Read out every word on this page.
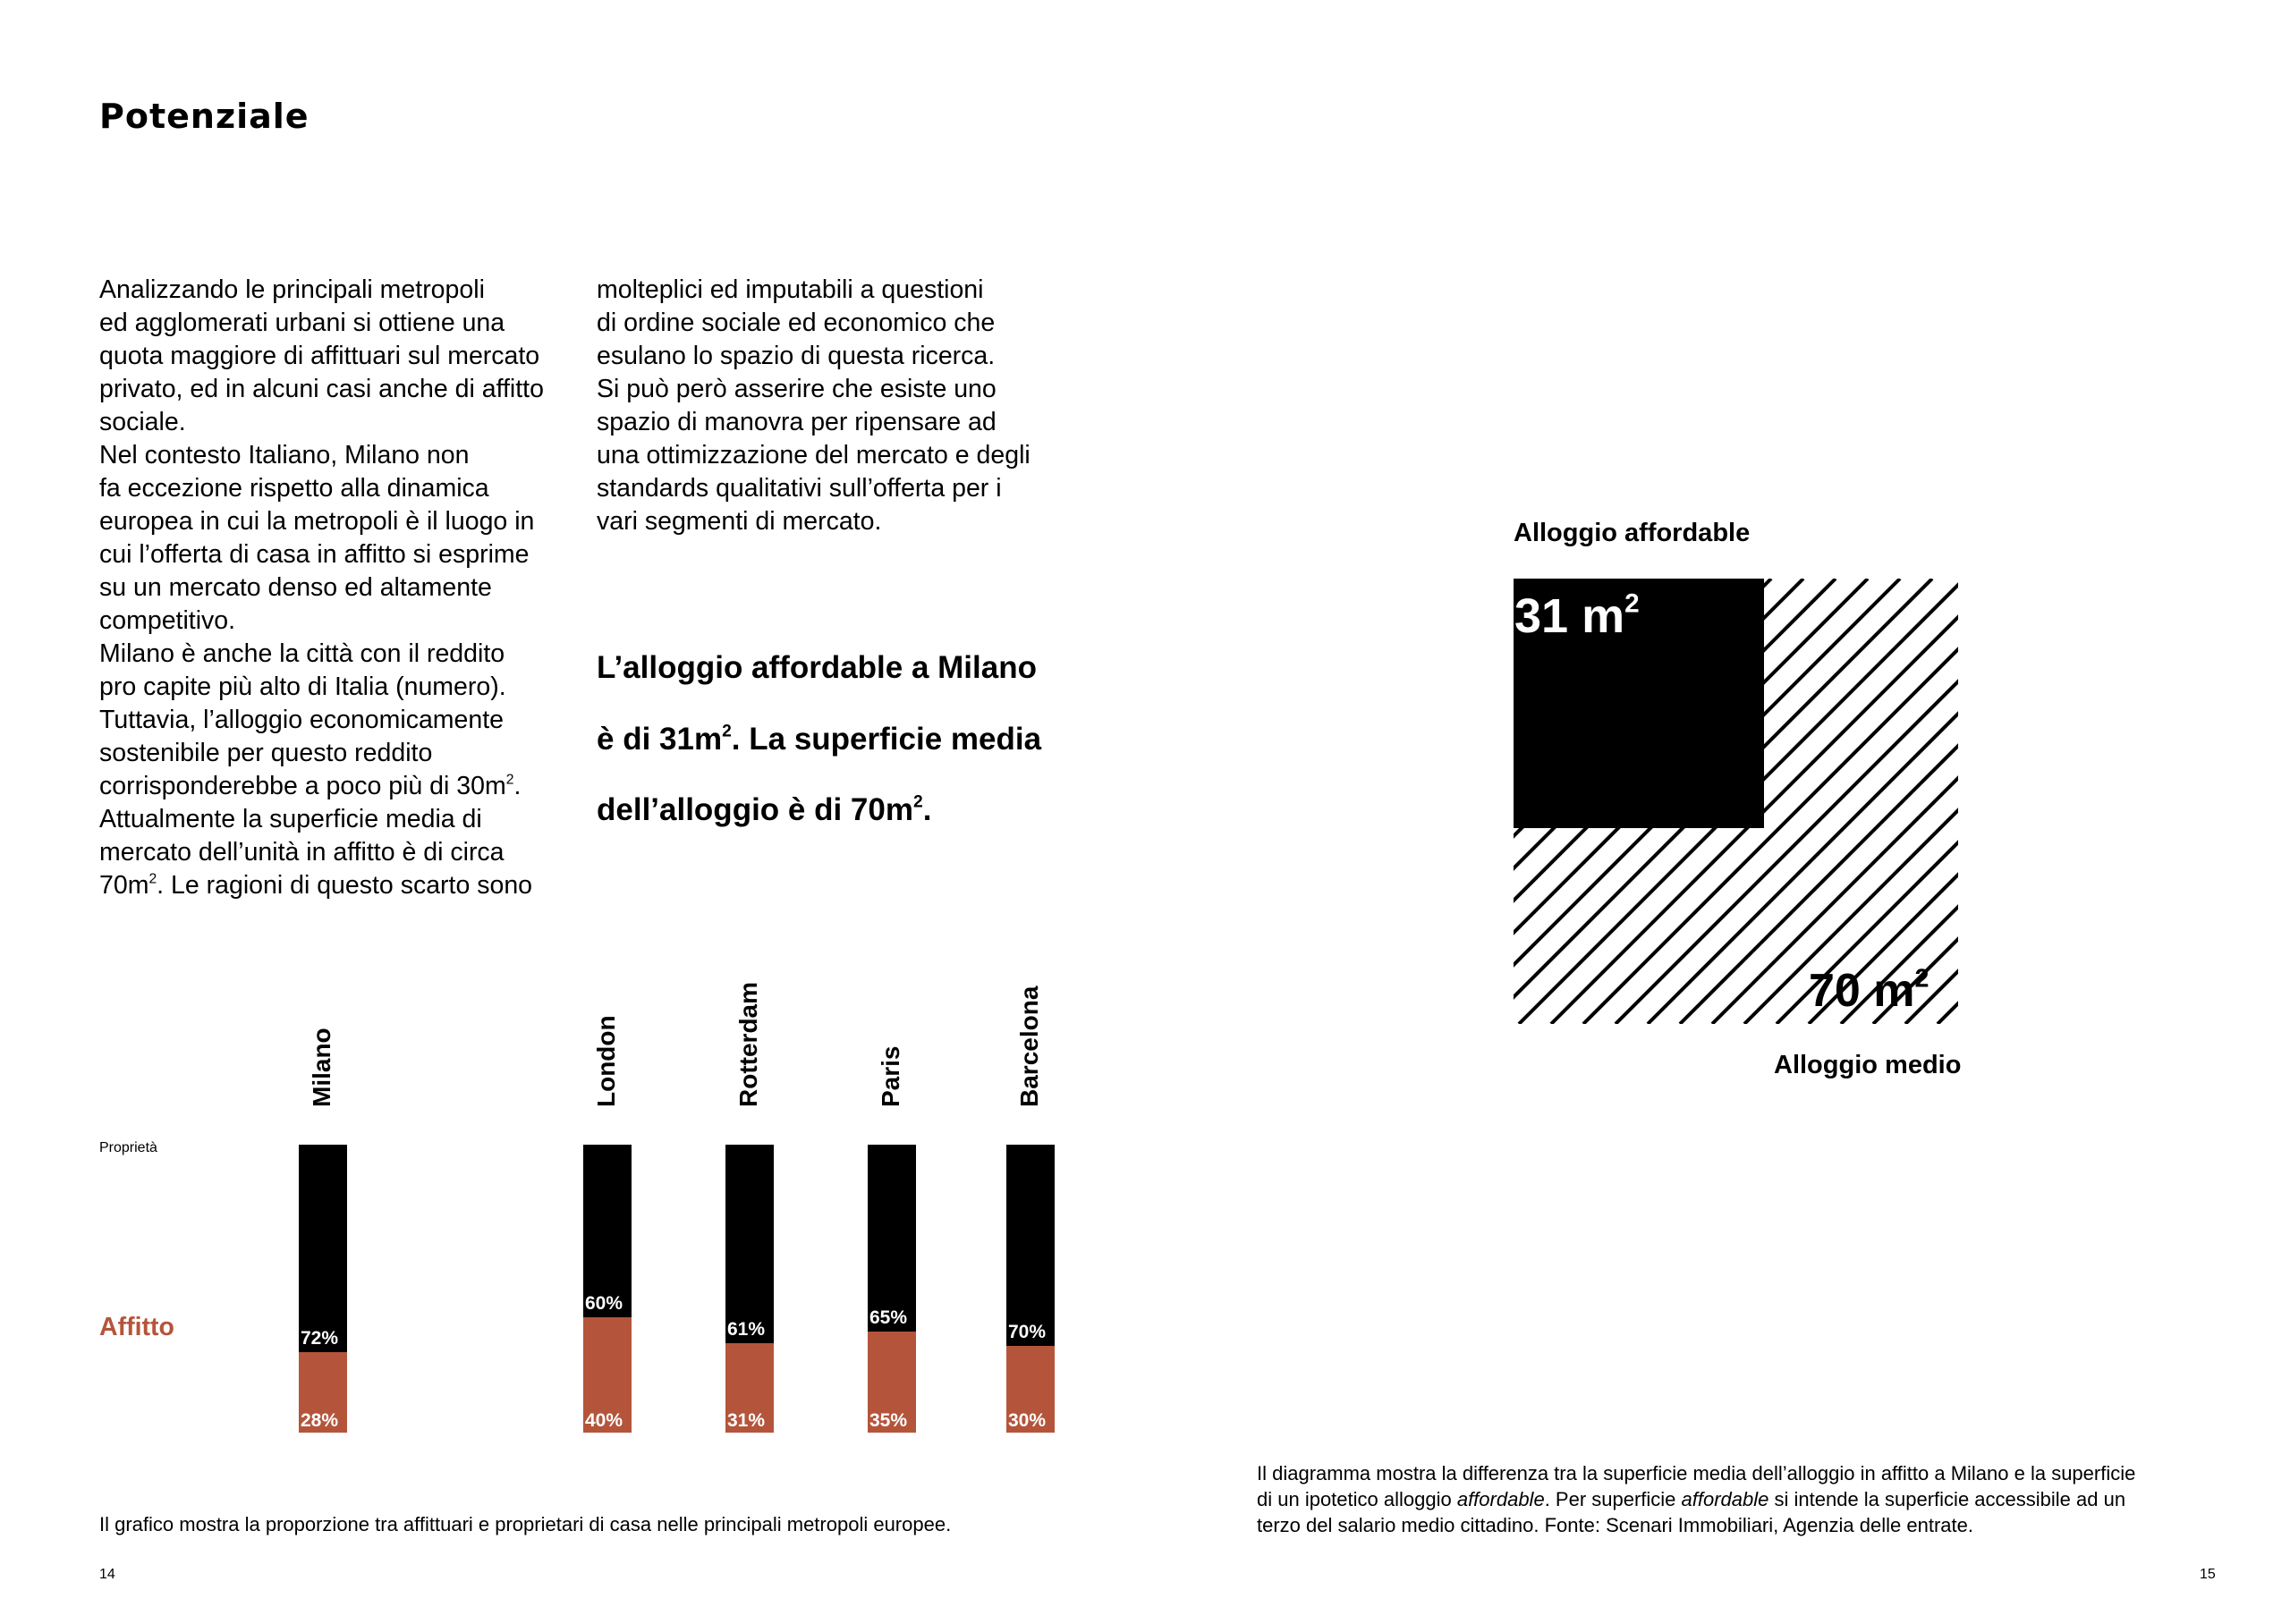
Potenziale

Analizzando le principali metropoli

ed agglomerati urbani si ottiene una

quota maggiore di affittuari sul mercato

privato, ed in alcuni casi anche di affitto

sociale.

Nel contesto Italiano, Milano non

fa eccezione rispetto alla dinamica

europea in cui la metropoli è il luogo in

cui l’offerta di casa in affitto si esprime

su un mercato denso ed altamente

competitivo.

Milano è anche la città con il reddito

pro capite più alto di Italia (numero).

Tuttavia, l’alloggio economicamente

sostenibile per questo reddito

corrisponderebbe a poco più di $30m^2$.

Attualmente la superficie media di

mercato dell’unità in affitto è di circa

$70m^2$. Le ragioni di questo scarto sono

molteplici ed imputabili a questioni

di ordine sociale ed economico che

esulano lo spazio di questa ricerca.

Si può però asserire che esiste uno

spazio di manovra per ripensare ad

una ottimizzazione del mercato e degli

standards qualitativi sull’offerta per i

vari segmenti di mercato.

L’alloggio affordable a Milano

è di $31m^2$. La superficie media

dell’alloggio è di $70m^2$.

Proprietà
Affitto
Milano
72%
28%
London
60%
40%
Rotterdam
61%
31%
Paris
65%
35%
Barcelona
70%
30%
Alloggio affordable
31 $m^2$
70 $m^2$
Alloggio medio
Il grafico mostra la proporzione tra affittuari e proprietari di casa nelle principali metropoli europee.
Il diagramma mostra la differenza tra la superficie media dell’alloggio in affitto a Milano e la superficie
di un ipotetico alloggio affordable. Per superficie affordable si intende la superficie accessibile ad un
terzo del salario medio cittadino. Fonte: Scenari Immobiliari, Agenzia delle entrate.
14	15
